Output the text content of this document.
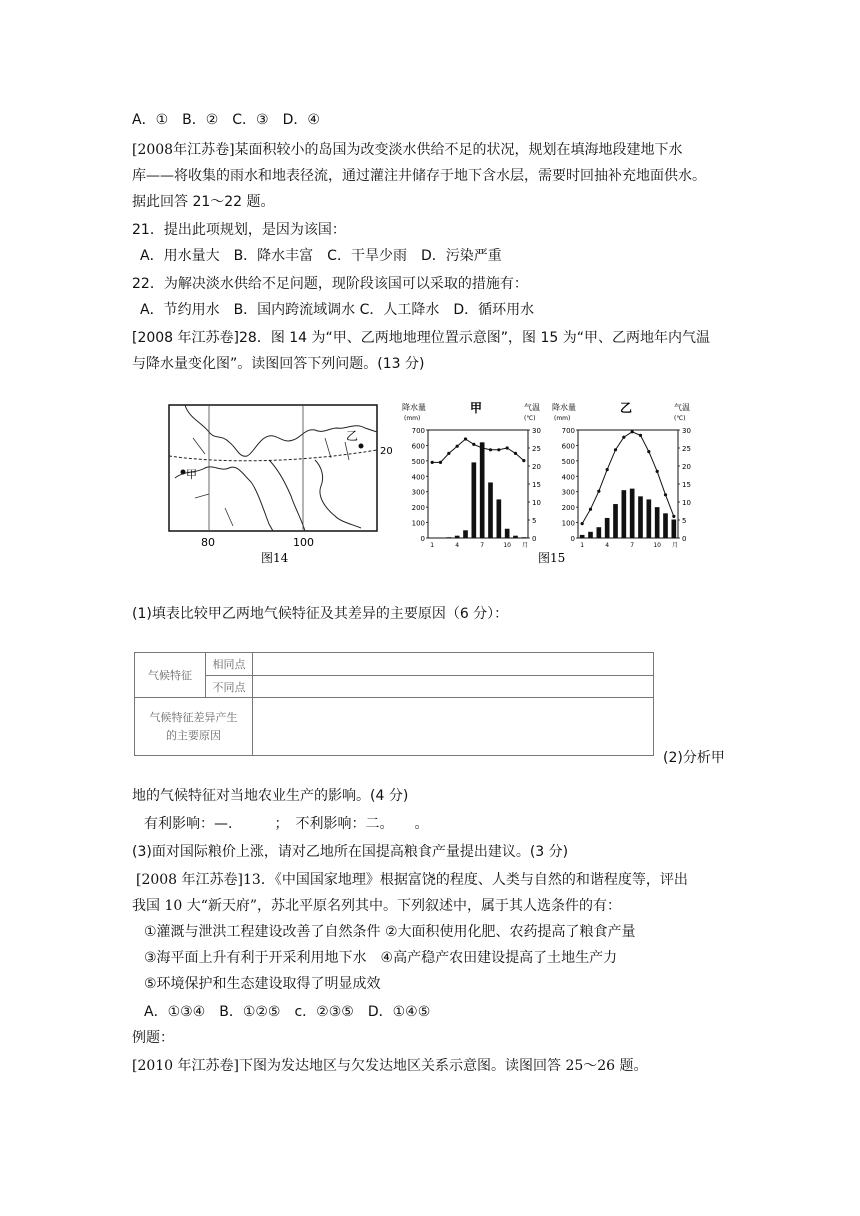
A．①　B．②　C．③　D．④
[2008年江苏卷]某面积较小的岛国为改变淡水供给不足的状况，规划在填海地段建地下水
库——将收集的雨水和地表径流，通过灌注井储存于地下含水层，需要时回抽补充地面供水。
据此回答 21～22 题。
21．提出此项规划，是因为该国：
A．用水量大　B．降水丰富　C．干旱少雨　D．污染严重
22．为解决淡水供给不足问题，现阶段该国可以采取的措施有：
A．节约用水　B．国内跨流域调水 C．人工降水　D．循环用水
[2008 年江苏卷]28．图 14 为“甲、乙两地地理位置示意图”，图 15 为“甲、乙两地年内气温
与降水量变化图”。读图回答下列问题。(13 分)
甲
乙
20
80	100
图14	图15
降水量
(mm)
甲	气温
(℃)
0
100
200
300
400
500
600
700
0
5
10
15
20
25
30
1	4	7	10 月
降水量
(mm)
乙	气温
(℃)
0
100
200
300
400
500
600
700
0
5
10
15
20
25
30
1	4	7	10 月
(1)填表比较甲乙两地气候特征及其差异的主要原因（6 分）：
气候特征	相同点	
	不同点	

气候特征差异产生
的主要原因		

(2)分析甲
地的气候特征对当地农业生产的影响。(4 分)
有利影响：—.　　　；　不利影响：二。　　。
(3)面对国际粮价上涨，请对乙地所在国提高粮食产量提出建议。(3 分)
[2008 年江苏卷]13．《中国国家地理》根据富饶的程度、人类与自然的和谐程度等，评出
我国 10 大“新天府”，苏北平原名列其中。下列叙述中，属于其人选条件的有：
①灌溉与泄洪工程建设改善了自然条件 ②大面积使用化肥、农药提高了粮食产量
③海平面上升有利于开采利用地下水　④高产稳产农田建设提高了土地生产力
⑤环境保护和生态建设取得了明显成效
A．①③④　B．①②⑤　c．②③⑤　D．①④⑤
例题：
[2010 年江苏卷]下图为发达地区与欠发达地区关系示意图。读图回答 25～26 题。
